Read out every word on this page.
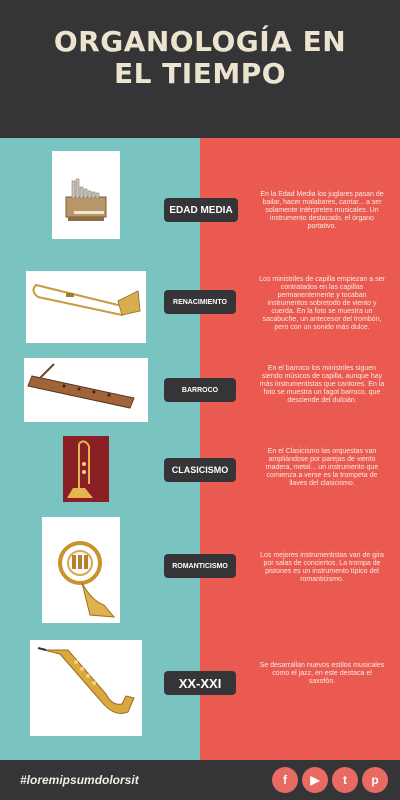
ORGANOLOGÍA EN
EL TIEMPO
EDAD MEDIA
En la Edad Media los juglares pasan de bailar, hacer malabares, cantar... a ser solamente intérpretes musicales. Un instrumento destacado, el órgano portativo.
RENACIMIENTO
Los ministriles de capilla empiezan a ser contratados en las capillas permanentemente y tocaban instrumentos sobretodo de viento y cuerda. En la foto se muestra un sacabuche, un antecesor del trombón, pero con un sonido más dulce.
BARROCO
En el barroco los ministriles siguen siendo músicos de capilla, aunque hay más instrumentistas que cantores. En la foto se muestra un fagot barroco, que desciende del dulcián.
CLASICISMO
En el Clasicismo las orquestas van ampliándose por parejas de viento madera, metal... un instrumento que comienza a verse es la trompeta de llaves del clasicismo.
ROMANTICISMO
Los mejores instrumentistas van de gira por salas de conciertos. La trompa de pistones es un instrumento típico del romanticismo.
XX-XXI
Se desarrallan nuevos estilos musicales como el jazz, en este destaca el saxofón.
#loremipsumdolorsit	f	▶	t	p
